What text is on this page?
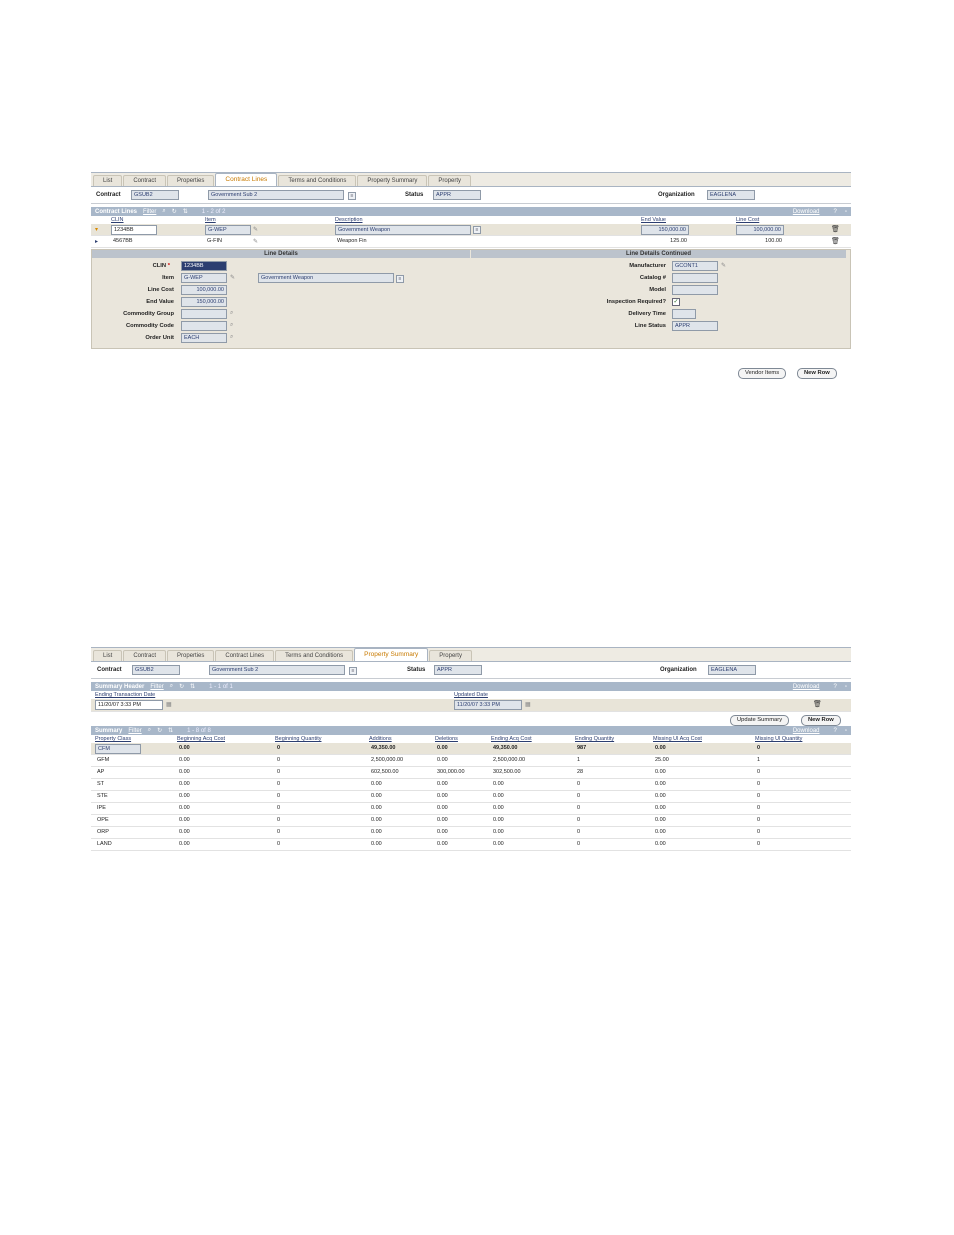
List	Contract	Properties	Contract Lines	Terms and Conditions	Property Summary	Property
Contract	GSUB2	Government Sub 2	≡	Status	APPR	Organization	EAGLENA
Contract Lines Filter ⌕ ↻ ⇅ 1 - 2 of 2	Download ? ▫
CLIN	Item	Description	End Value	Line Cost
▾	1234BB	G-WEP	✎	Government Weapon	≡	150,000.00	100,000.00	🗑
▸	4567BB	G-FIN	✎	Weapon Fin	125.00	100.00	🗑
Line Details	Line Details Continued
CLIN *	1234BB
Item	G-WEP	✎	Government Weapon	≡
Line Cost	100,000.00
End Value	150,000.00
Commodity Group	⌕
Commodity Code	⌕
Order Unit	EACH	⌕
Manufacturer	GCONT1	✎
Catalog #
Model
Inspection Required? ✓
Delivery Time
Line Status	APPR
Vendor Items	New Row
List	Contract	Properties	Contract Lines	Terms and Conditions	Property Summary	Property
Contract	GSUB2	Government Sub 2	≡	Status	APPR	Organization	EAGLENA
Summary Header Filter ⌕ ↻ ⇅ 1 - 1 of 1	Download ? ▫
Ending Transaction Date	Updated Date
11/20/07 3:33 PM	▦	11/20/07 3:33 PM	▦	🗑
Update Summary	New Row
Summary Filter ⌕ ↻ ⇅ 1 - 8 of 8	Download ? ▫
Property Class	Beginning Acq Cost	Beginning Quantity	Additions	Deletions	Ending Acq Cost	Ending Quantity	Missing Ul Acq Cost	Missing Ul Quantity
CFM	0.00	0	49,350.00	0.00	49,350.00	987	0.00	0
GFM	0.00	0	2,500,000.00	0.00	2,500,000.00	1	25.00	1
AP	0.00	0	602,500.00	300,000.00	302,500.00	28	0.00	0
ST	0.00	0	0.00	0.00	0.00	0	0.00	0
STE	0.00	0	0.00	0.00	0.00	0	0.00	0
IPE	0.00	0	0.00	0.00	0.00	0	0.00	0
OPE	0.00	0	0.00	0.00	0.00	0	0.00	0
ORP	0.00	0	0.00	0.00	0.00	0	0.00	0
LAND	0.00	0	0.00	0.00	0.00	0	0.00	0
